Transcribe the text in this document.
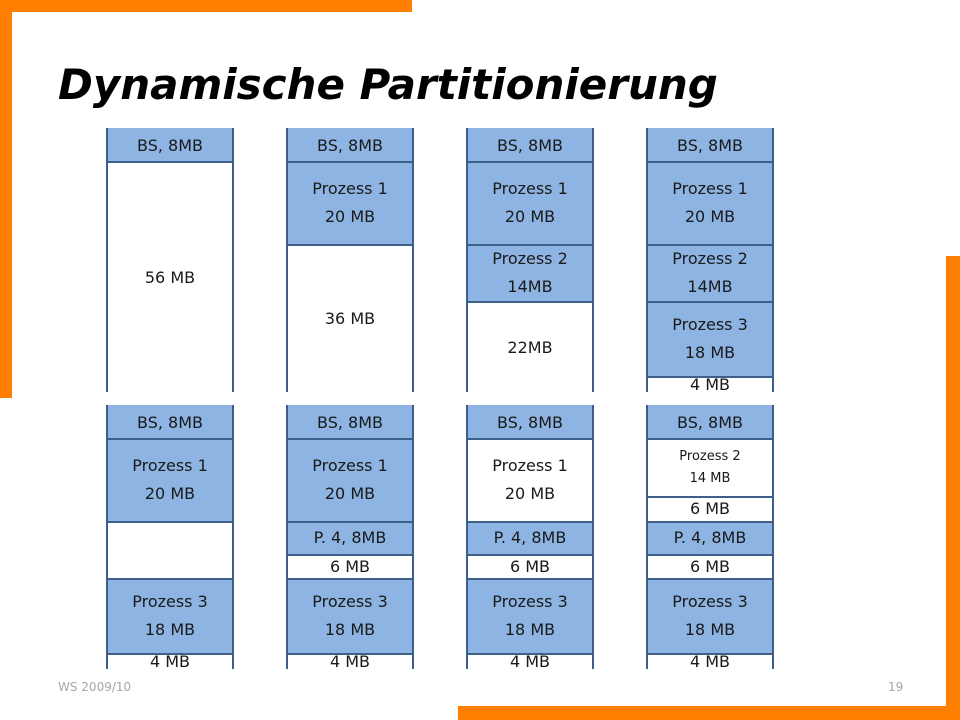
Dynamische Partitionierung
BS, 8MB
56 MB
BS, 8MB
Prozess 1
20 MB
36 MB
BS, 8MB
Prozess 1
20 MB
Prozess 2
14MB
22MB
BS, 8MB
Prozess 1
20 MB
Prozess 2
14MB
Prozess 3
18 MB
4 MB
BS, 8MB
Prozess 1
20 MB
Prozess 3
18 MB
4 MB
BS, 8MB
Prozess 1
20 MB
P. 4, 8MB
6 MB
Prozess 3
18 MB
4 MB
BS, 8MB
Prozess 1
20 MB
P. 4, 8MB
6 MB
Prozess 3
18 MB
4 MB
BS, 8MB
Prozess 2
14 MB
6 MB
P. 4, 8MB
6 MB
Prozess 3
18 MB
4 MB
WS 2009/10	19
